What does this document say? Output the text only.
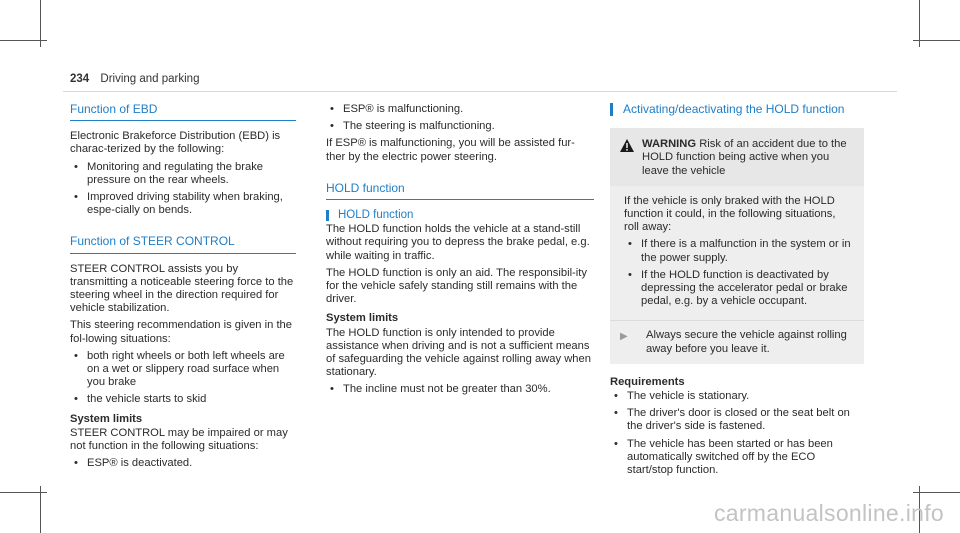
234 Driving and parking
Function of EBD

Electronic Brakeforce Distribution (EBD) is charac-terized by the following:

• Monitoring and regulating the brake pressure on the rear wheels.
• Improved driving stability when braking, espe-cially on bends.
Function of STEER CONTROL

STEER CONTROL assists you by transmitting a noticeable steering force to the steering wheel in the direction required for vehicle stabilization.

This steering recommendation is given in the fol-lowing situations:

• both right wheels or both left wheels are on a wet or slippery road surface when you brake
• the vehicle starts to skid
System limits

STEER CONTROL may be impaired or may not function in the following situations:

• ESP® is deactivated.
• ESP® is malfunctioning.
• The steering is malfunctioning.

If ESP® is malfunctioning, you will be assisted fur-ther by the electric power steering.

HOLD function
HOLD function

The HOLD function holds the vehicle at a stand-still without requiring you to depress the brake pedal, e.g. while waiting in traffic.

The HOLD function is only an aid. The responsibil-ity for the vehicle safely standing still remains with the driver.

System limits

The HOLD function is only intended to provide assistance when driving and is not a sufficient means of safeguarding the vehicle against rolling away when stationary.

• The incline must not be greater than 30%.
Activating/deactivating the HOLD function
WARNING Risk of an accident due to the HOLD function being active when you leave the vehicle

If the vehicle is only braked with the HOLD function it could, in the following situations, roll away:

• If there is a malfunction in the system or in the power supply.
• If the HOLD function is deactivated by depressing the accelerator pedal or brake pedal, e.g. by a vehicle occupant.
▶	Always secure the vehicle against rolling away before you leave it.
Requirements
• The vehicle is stationary.
• The driver's door is closed or the seat belt on the driver's side is fastened.
• The vehicle has been started or has been automatically switched off by the ECO start/stop function.
carmanualsonline.info
